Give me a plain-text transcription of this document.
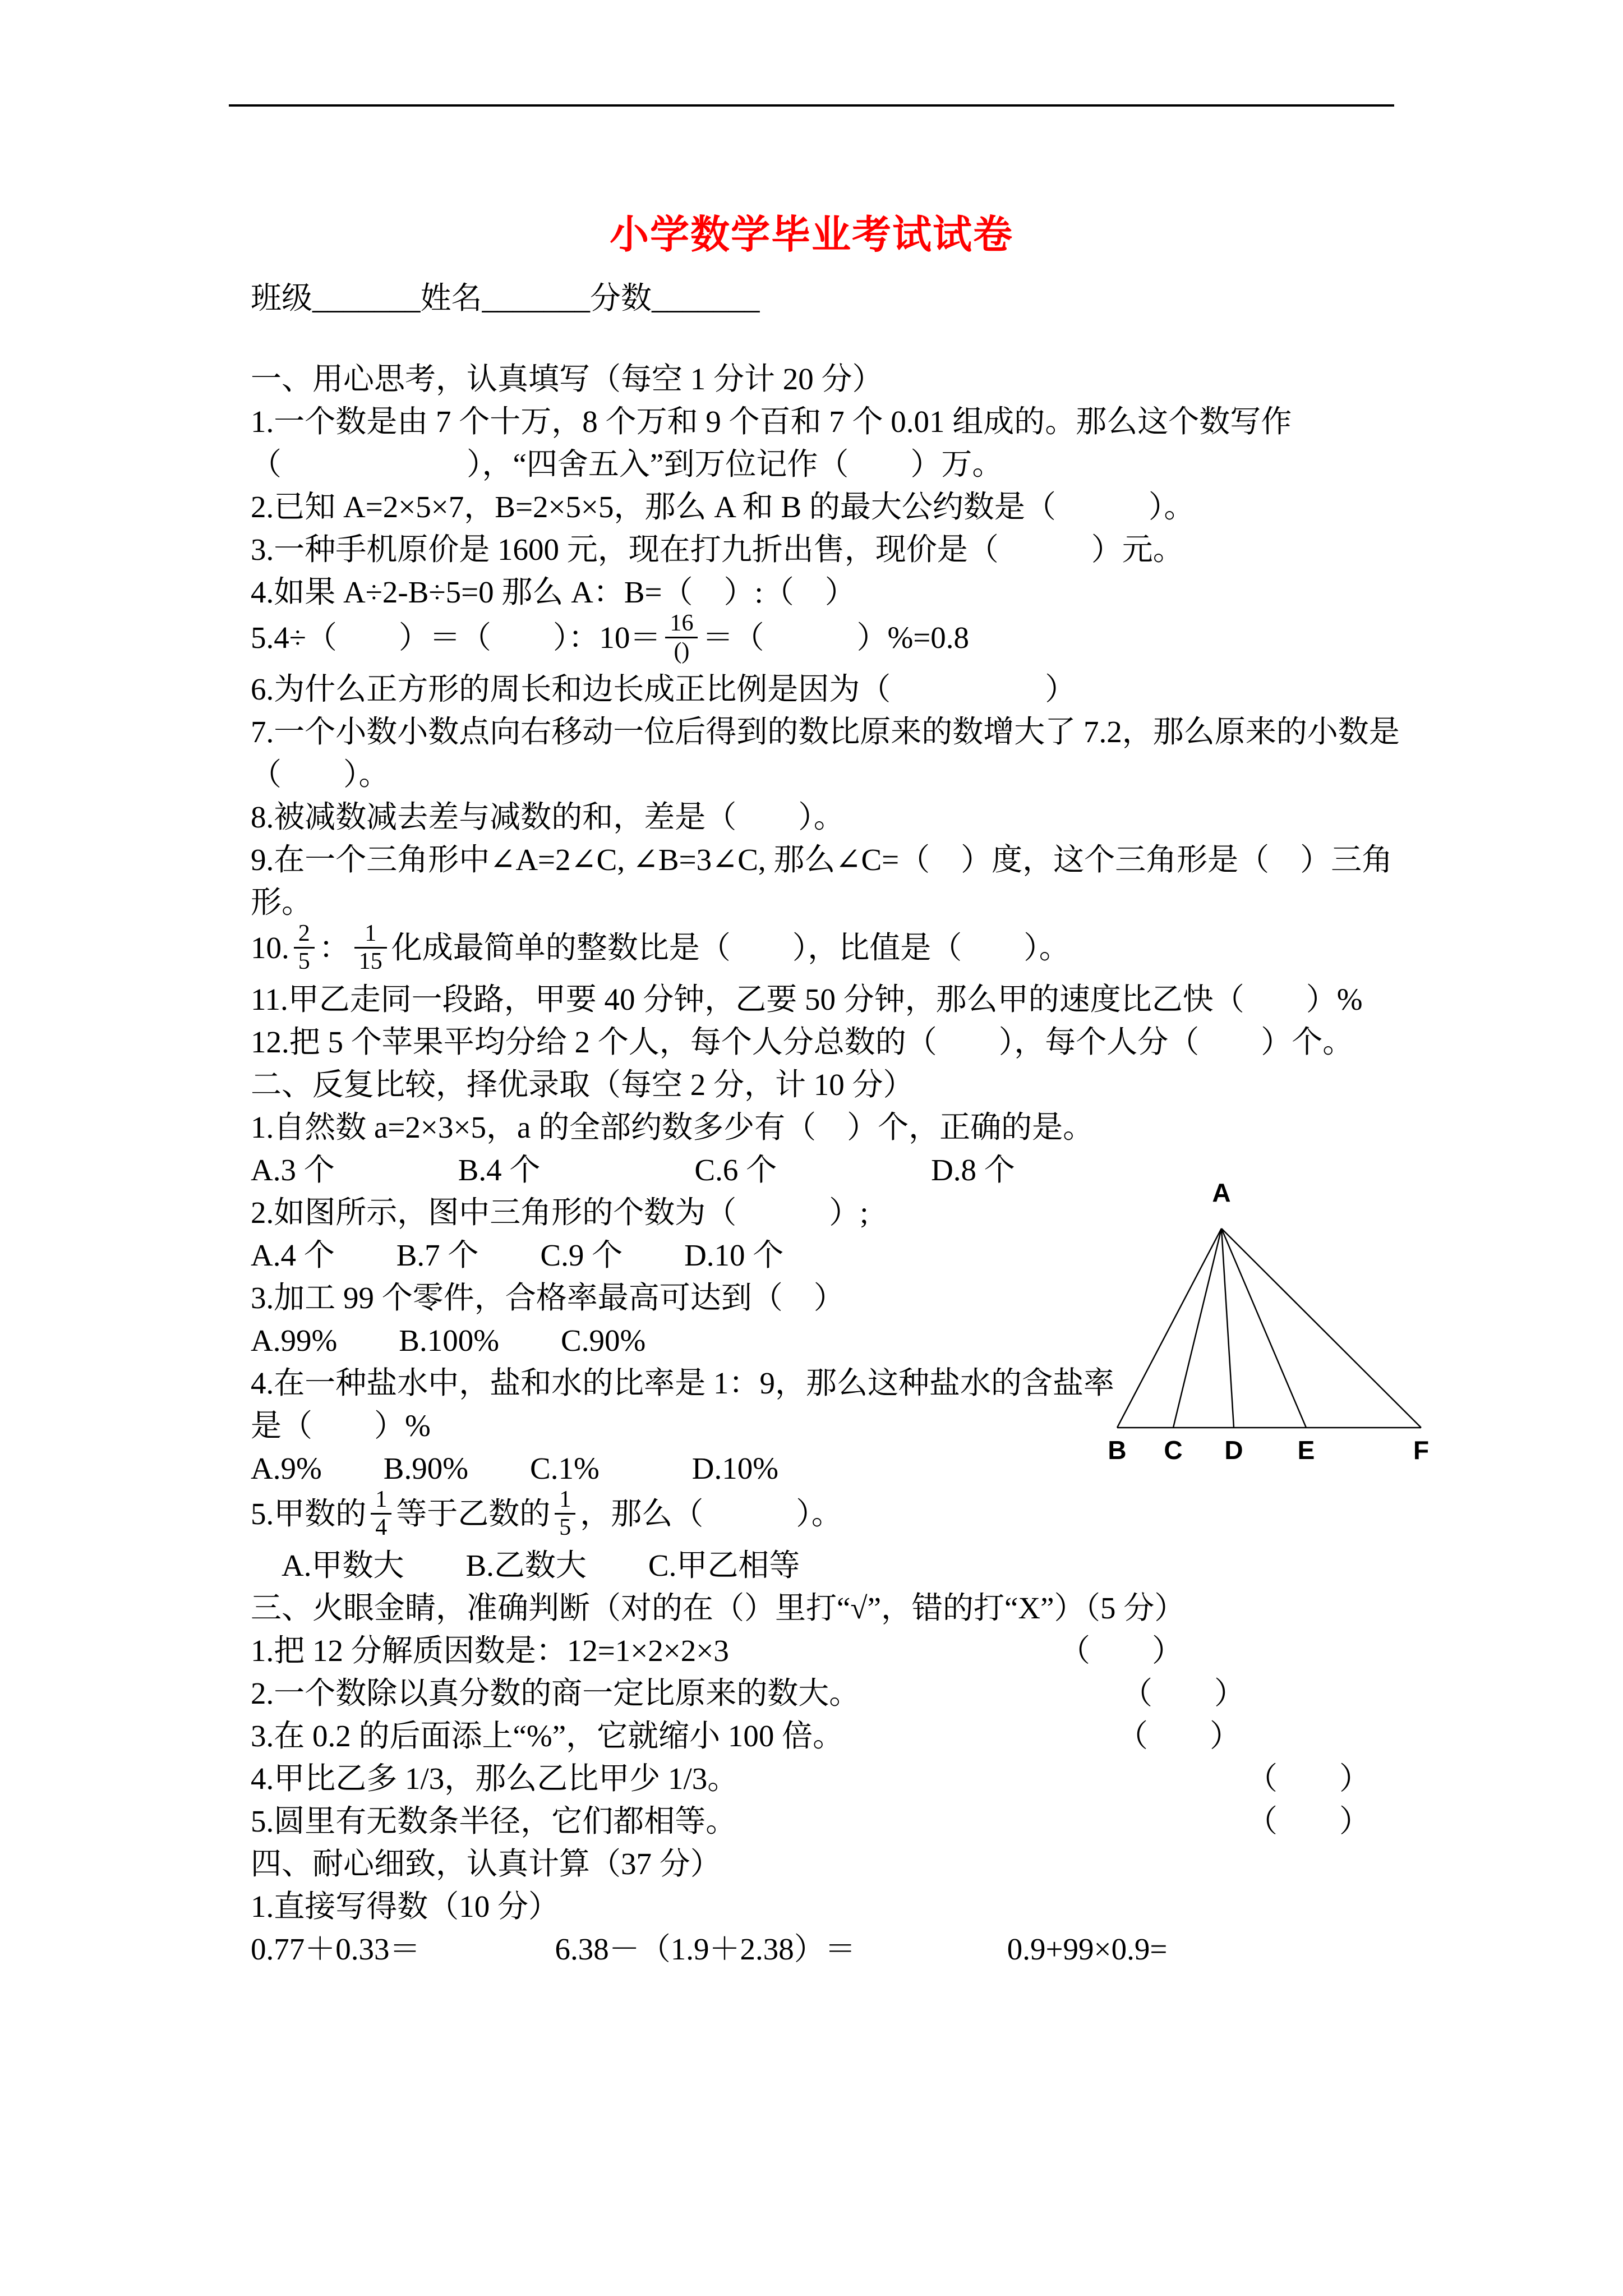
小学数学毕业考试试卷
班级_______姓名_______分数_______
一、用心思考，认真填写（每空 1 分计 20 分）
1.一个数是由 7 个十万，8 个万和 9 个百和 7 个 0.01 组成的。那么这个数写作
（　　　　　　），“四舍五入”到万位记作（　　）万。
2.已知 A=2×5×7，B=2×5×5，那么 A 和 B 的最大公约数是（　　　）。
3.一种手机原价是 1600 元，现在打九折出售，现价是（　　　）元。
4.如果 A÷2-B÷5=0 那么 A：B=（　）:（　）
5.4÷（　　）＝（　　）：$10= \frac{16}{()}$ ＝（　　　）%=0.8
6.为什么正方形的周长和边长成正比例是因为（　　　　　）
7.一个小数小数点向右移动一位后得到的数比原来的数增大了 7.2，那么原来的小数是
（　　）。
8.被减数减去差与减数的和，差是（　　）。
9.在一个三角形中∠A=2∠C, ∠B=3∠C, 那么∠C=（　）度，这个三角形是（　）三角形。
10. $\frac{2}{5}$ ： $\frac{1}{15}$ 化成最简单的整数比是（　　），比值是（　　）。
11.甲乙走同一段路，甲要 40 分钟，乙要 50 分钟，那么甲的速度比乙快（　　）%
12.把 5 个苹果平均分给 2 个人，每个人分总数的（　　），每个人分（　　）个。
二、反复比较，择优录取（每空 2 分，计 10 分）
1.自然数 a=2×3×5，a 的全部约数多少有（　）个，正确的是。
A.3 个　　　　B.4 个　　　　　C.6 个　　　　　D.8 个
2.如图所示，图中三角形的个数为（　　　）;
A.4 个　　B.7 个　　C.9 个　　D.10 个
3.加工 99 个零件，合格率最高可达到（　）
A.99%　　B.100%　　C.90%
4.在一种盐水中，盐和水的比率是 1：9，那么这种盐水的含盐率
是（　　）%
A.9%　　B.90%　　C.1%　　　D.10%
5.甲数的 $\frac{1}{4}$ 等于乙数的 $\frac{1}{5}$ ，那么（　　　）。
　A.甲数大　　B.乙数大　　C.甲乙相等
三、火眼金睛，准确判断（对的在（）里打“√”，错的打“X”）（5 分）
1.把 12 分解质因数是：12=1×2×2×3	（　　）
2.一个数除以真分数的商一定比原来的数大。	（　　）
3.在 0.2 的后面添上“%”，它就缩小 100 倍。	（　　）
4.甲比乙多 1/3，那么乙比甲少 1/3。	（　　）
5.圆里有无数条半径，它们都相等。	（　　）
四、耐心细致，认真计算（37 分）
1.直接写得数（10 分）
0.77＋0.33＝	6.38－（1.9＋2.38）＝	0.9+99×0.9=
A
B C D E	F
